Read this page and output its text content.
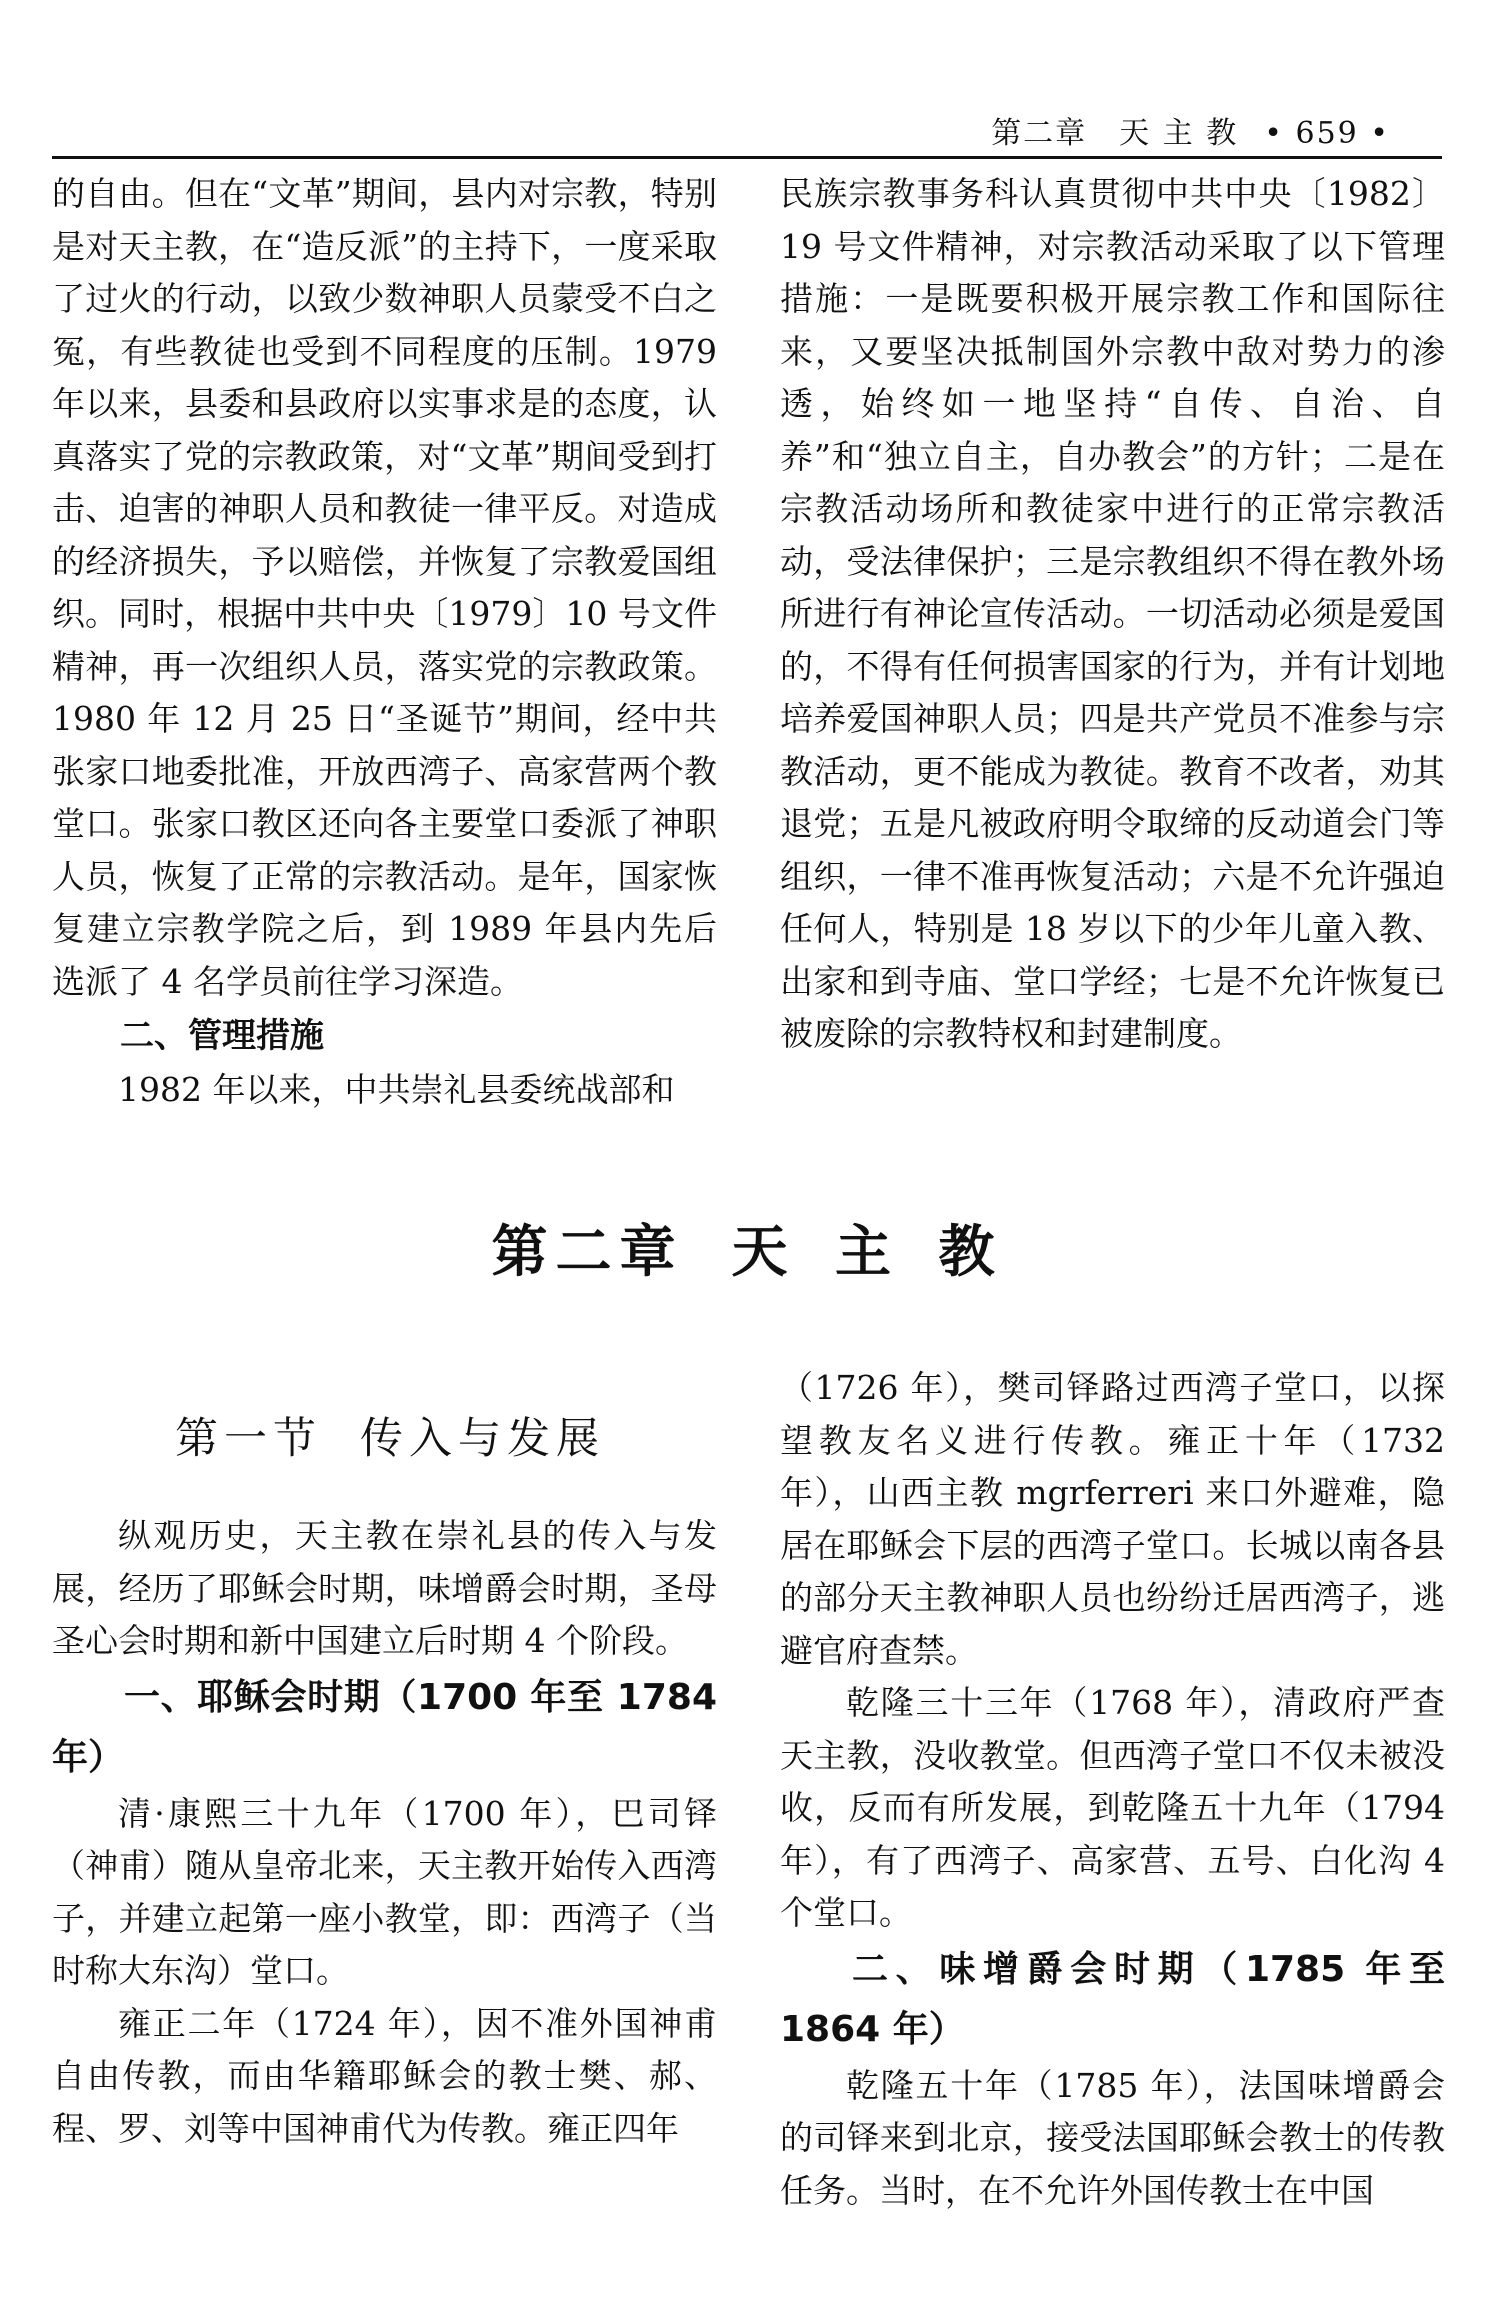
第二章　天 主 教 • 659 •

的自由。但在“文革”期间，县内对宗教，特别是对天主教，在“造反派”的主持下，一度采取了过火的行动，以致少数神职人员蒙受不白之冤，有些教徒也受到不同程度的压制。1979 年以来，县委和县政府以实事求是的态度，认真落实了党的宗教政策，对“文革”期间受到打击、迫害的神职人员和教徒一律平反。对造成的经济损失，予以赔偿，并恢复了宗教爱国组织。同时，根据中共中央〔1979〕10 号文件精神，再一次组织人员，落实党的宗教政策。1980 年 12 月 25 日“圣诞节”期间，经中共张家口地委批准，开放西湾子、高家营两个教堂口。张家口教区还向各主要堂口委派了神职人员，恢复了正常的宗教活动。是年，国家恢复建立宗教学院之后，到 1989 年县内先后选派了 4 名学员前往学习深造。

二、管理措施

1982 年以来，中共崇礼县委统战部和

民族宗教事务科认真贯彻中共中央〔1982〕19 号文件精神，对宗教活动采取了以下管理措施：一是既要积极开展宗教工作和国际往来，又要坚决抵制国外宗教中敌对势力的渗透，始终如一地坚持“自传、自治、自养”和“独立自主，自办教会”的方针；二是在宗教活动场所和教徒家中进行的正常宗教活动，受法律保护；三是宗教组织不得在教外场所进行有神论宣传活动。一切活动必须是爱国的，不得有任何损害国家的行为，并有计划地培养爱国神职人员；四是共产党员不准参与宗教活动，更不能成为教徒。教育不改者，劝其退党；五是凡被政府明令取缔的反动道会门等组织，一律不准再恢复活动；六是不允许强迫任何人，特别是 18 岁以下的少年儿童入教、出家和到寺庙、堂口学经；七是不允许恢复已被废除的宗教特权和封建制度。

第二章 天 主 教
第一节 传入与发展

纵观历史，天主教在崇礼县的传入与发展，经历了耶稣会时期，味增爵会时期，圣母圣心会时期和新中国建立后时期 4 个阶段。

一、耶稣会时期（1700 年至 1784 年）

清·康熙三十九年（1700 年），巴司铎（神甫）随从皇帝北来，天主教开始传入西湾子，并建立起第一座小教堂，即：西湾子（当时称大东沟）堂口。

雍正二年（1724 年），因不准外国神甫自由传教，而由华籍耶稣会的教士樊、郝、程、罗、刘等中国神甫代为传教。雍正四年

（1726 年），樊司铎路过西湾子堂口，以探望教友名义进行传教。雍正十年（1732 年），山西主教 mgrferreri 来口外避难，隐居在耶稣会下层的西湾子堂口。长城以南各县的部分天主教神职人员也纷纷迁居西湾子，逃避官府查禁。

乾隆三十三年（1768 年），清政府严查天主教，没收教堂。但西湾子堂口不仅未被没收，反而有所发展，到乾隆五十九年（1794 年），有了西湾子、高家营、五号、白化沟 4 个堂口。

二、味增爵会时期（1785 年至 1864 年）

乾隆五十年（1785 年），法国味增爵会的司铎来到北京，接受法国耶稣会教士的传教任务。当时，在不允许外国传教士在中国
